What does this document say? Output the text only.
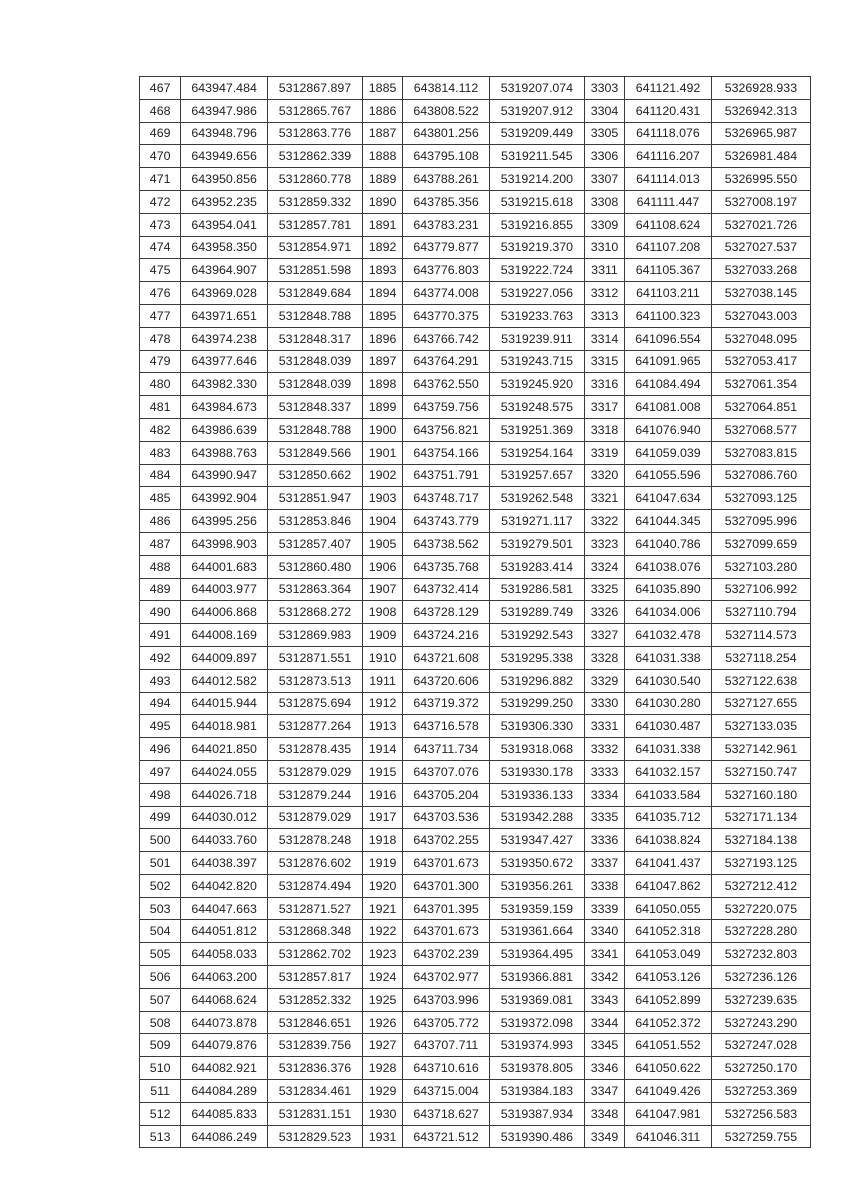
467	643947.484	5312867.897	1885	643814.112	5319207.074	3303	641121.492	5326928.933
468	643947.986	5312865.767	1886	643808.522	5319207.912	3304	641120.431	5326942.313
469	643948.796	5312863.776	1887	643801.256	5319209.449	3305	641118.076	5326965.987
470	643949.656	5312862.339	1888	643795.108	5319211.545	3306	641116.207	5326981.484
471	643950.856	5312860.778	1889	643788.261	5319214.200	3307	641114.013	5326995.550
472	643952.235	5312859.332	1890	643785.356	5319215.618	3308	641111.447	5327008.197
473	643954.041	5312857.781	1891	643783.231	5319216.855	3309	641108.624	5327021.726
474	643958.350	5312854.971	1892	643779.877	5319219.370	3310	641107.208	5327027.537
475	643964.907	5312851.598	1893	643776.803	5319222.724	3311	641105.367	5327033.268
476	643969.028	5312849.684	1894	643774.008	5319227.056	3312	641103.211	5327038.145
477	643971.651	5312848.788	1895	643770.375	5319233.763	3313	641100.323	5327043.003
478	643974.238	5312848.317	1896	643766.742	5319239.911	3314	641096.554	5327048.095
479	643977.646	5312848.039	1897	643764.291	5319243.715	3315	641091.965	5327053.417
480	643982.330	5312848.039	1898	643762.550	5319245.920	3316	641084.494	5327061.354
481	643984.673	5312848.337	1899	643759.756	5319248.575	3317	641081.008	5327064.851
482	643986.639	5312848.788	1900	643756.821	5319251.369	3318	641076.940	5327068.577
483	643988.763	5312849.566	1901	643754.166	5319254.164	3319	641059.039	5327083.815
484	643990.947	5312850.662	1902	643751.791	5319257.657	3320	641055.596	5327086.760
485	643992.904	5312851.947	1903	643748.717	5319262.548	3321	641047.634	5327093.125
486	643995.256	5312853.846	1904	643743.779	5319271.117	3322	641044.345	5327095.996
487	643998.903	5312857.407	1905	643738.562	5319279.501	3323	641040.786	5327099.659
488	644001.683	5312860.480	1906	643735.768	5319283.414	3324	641038.076	5327103.280
489	644003.977	5312863.364	1907	643732.414	5319286.581	3325	641035.890	5327106.992
490	644006.868	5312868.272	1908	643728.129	5319289.749	3326	641034.006	5327110.794
491	644008.169	5312869.983	1909	643724.216	5319292.543	3327	641032.478	5327114.573
492	644009.897	5312871.551	1910	643721.608	5319295.338	3328	641031.338	5327118.254
493	644012.582	5312873.513	1911	643720.606	5319296.882	3329	641030.540	5327122.638
494	644015.944	5312875.694	1912	643719.372	5319299.250	3330	641030.280	5327127.655
495	644018.981	5312877.264	1913	643716.578	5319306.330	3331	641030.487	5327133.035
496	644021.850	5312878.435	1914	643711.734	5319318.068	3332	641031.338	5327142.961
497	644024.055	5312879.029	1915	643707.076	5319330.178	3333	641032.157	5327150.747
498	644026.718	5312879.244	1916	643705.204	5319336.133	3334	641033.584	5327160.180
499	644030.012	5312879.029	1917	643703.536	5319342.288	3335	641035.712	5327171.134
500	644033.760	5312878.248	1918	643702.255	5319347.427	3336	641038.824	5327184.138
501	644038.397	5312876.602	1919	643701.673	5319350.672	3337	641041.437	5327193.125
502	644042.820	5312874.494	1920	643701.300	5319356.261	3338	641047.862	5327212.412
503	644047.663	5312871.527	1921	643701.395	5319359.159	3339	641050.055	5327220.075
504	644051.812	5312868.348	1922	643701.673	5319361.664	3340	641052.318	5327228.280
505	644058.033	5312862.702	1923	643702.239	5319364.495	3341	641053.049	5327232.803
506	644063.200	5312857.817	1924	643702.977	5319366.881	3342	641053.126	5327236.126
507	644068.624	5312852.332	1925	643703.996	5319369.081	3343	641052.899	5327239.635
508	644073.878	5312846.651	1926	643705.772	5319372.098	3344	641052.372	5327243.290
509	644079.876	5312839.756	1927	643707.711	5319374.993	3345	641051.552	5327247.028
510	644082.921	5312836.376	1928	643710.616	5319378.805	3346	641050.622	5327250.170
511	644084.289	5312834.461	1929	643715.004	5319384.183	3347	641049.426	5327253.369
512	644085.833	5312831.151	1930	643718.627	5319387.934	3348	641047.981	5327256.583
513	644086.249	5312829.523	1931	643721.512	5319390.486	3349	641046.311	5327259.755
